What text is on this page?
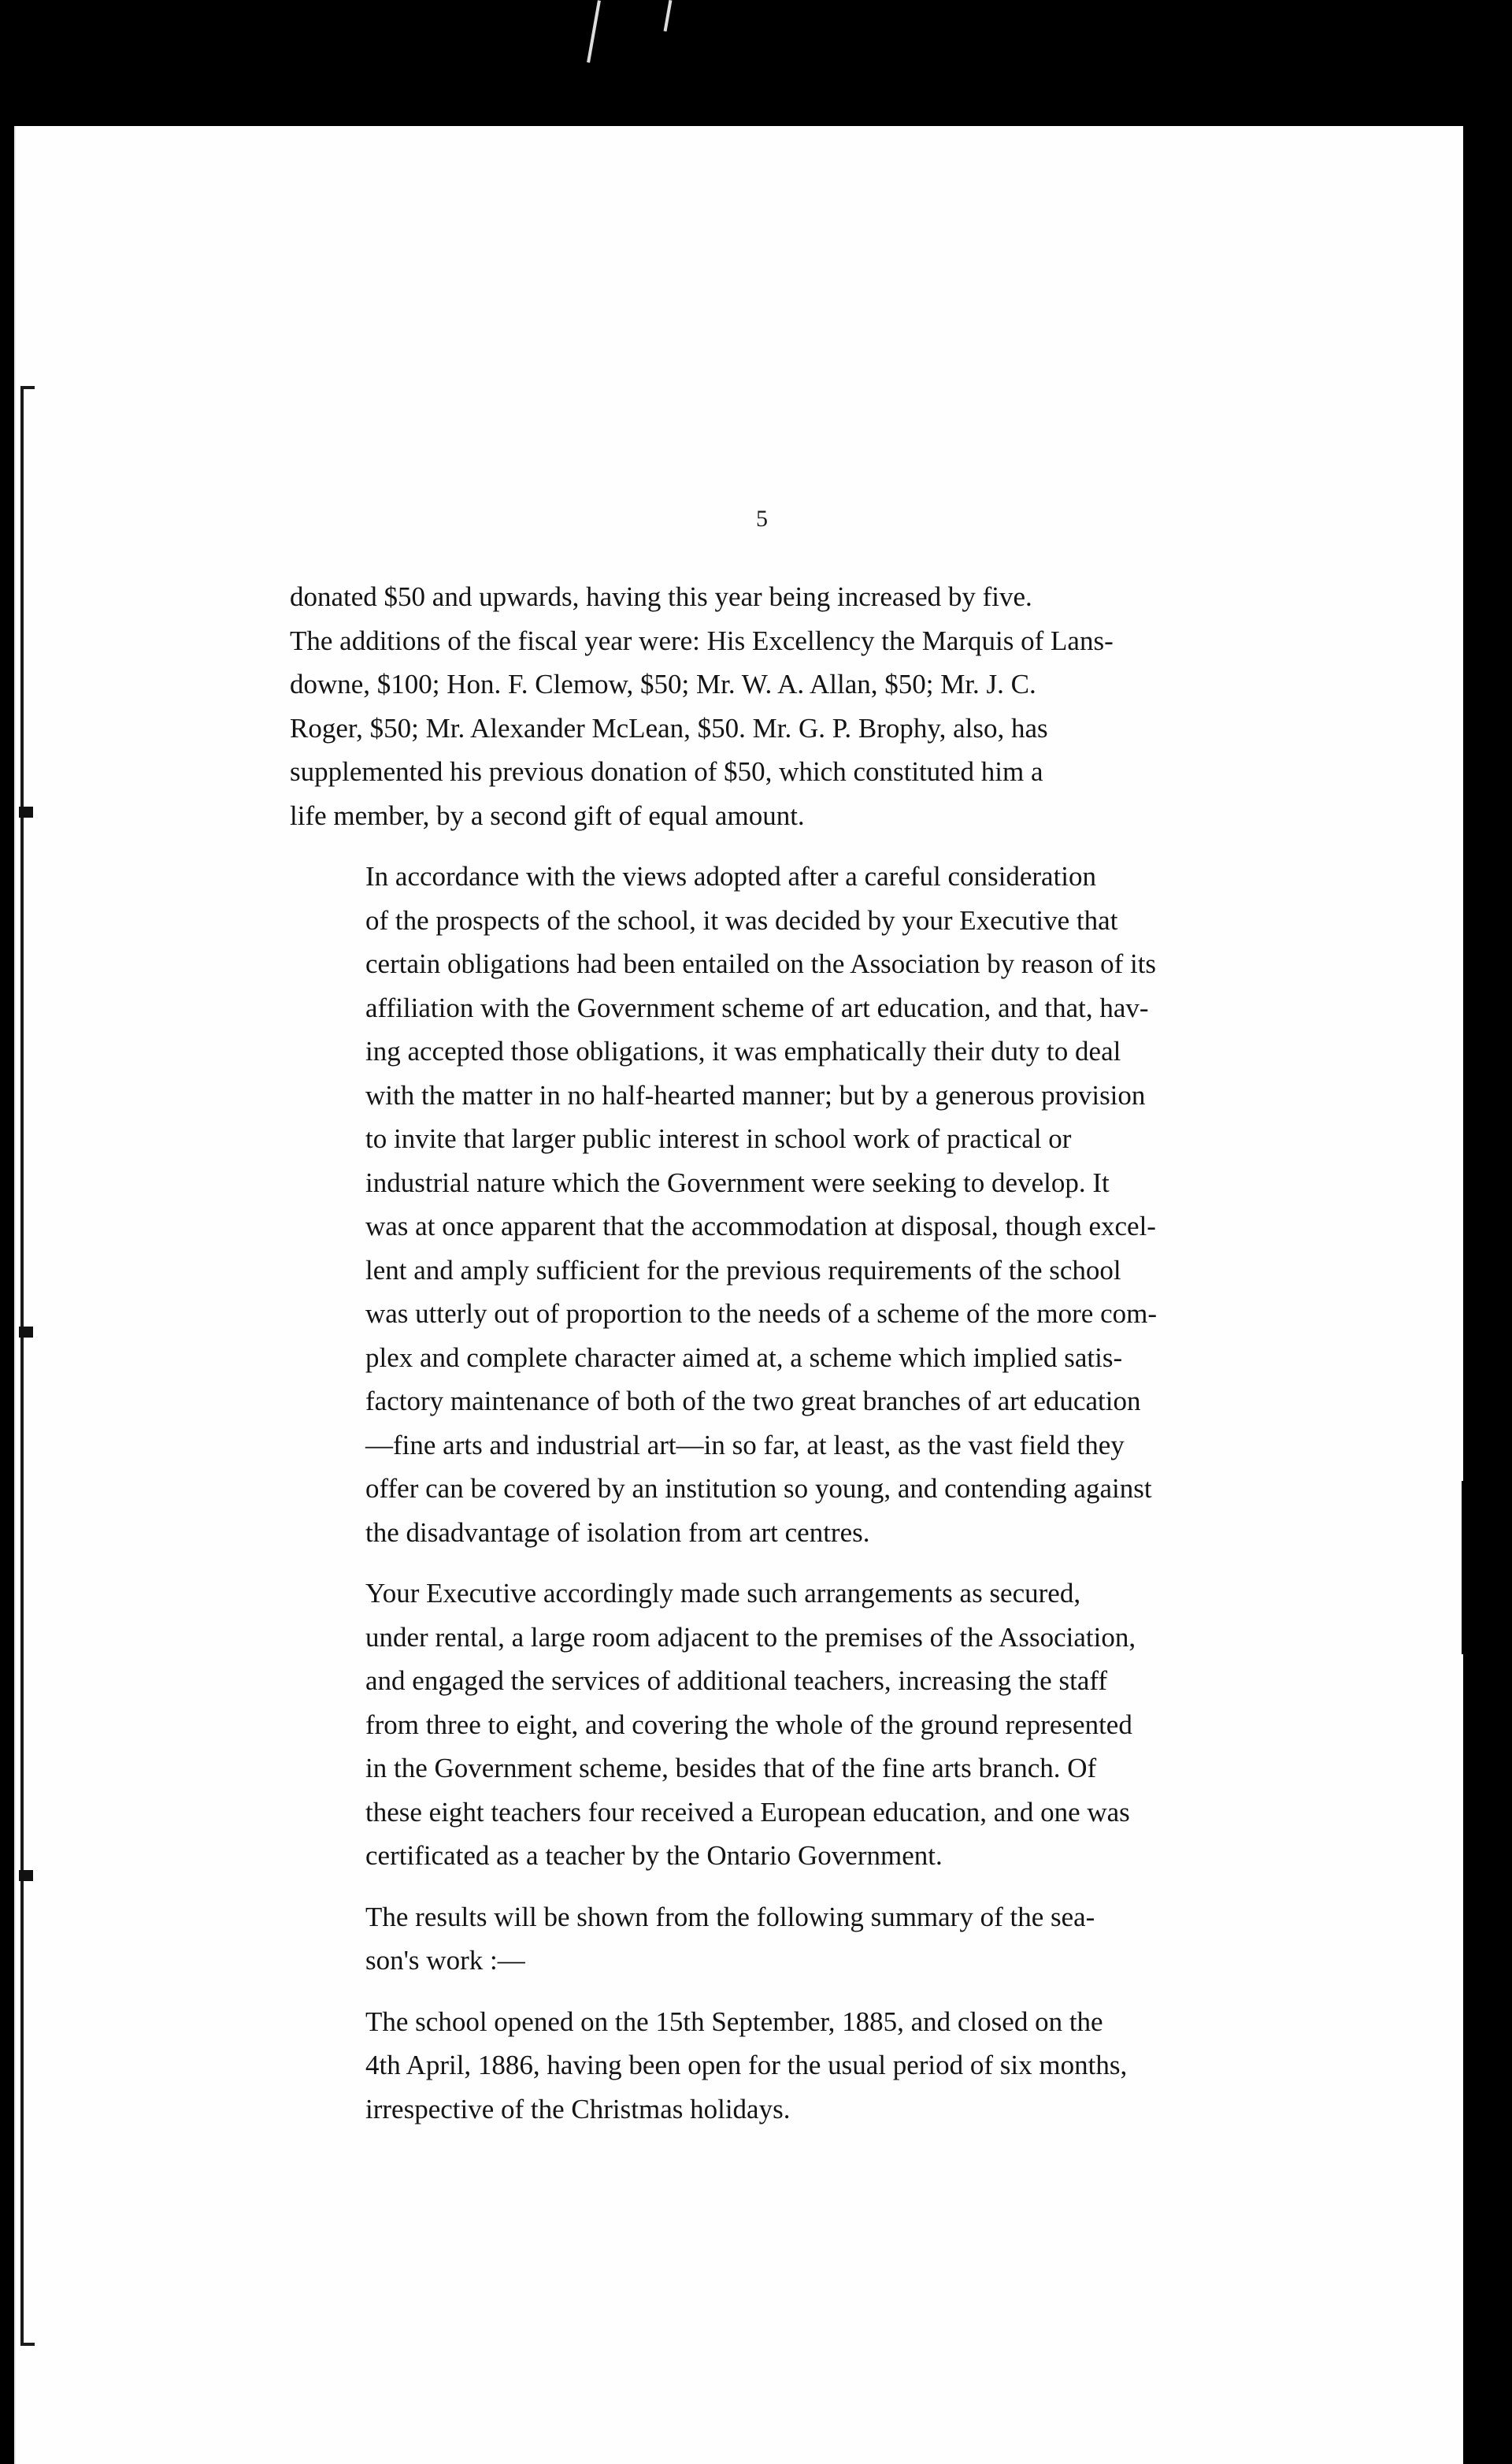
5

donated $50 and upwards, having this year being increased by five.
The additions of the fiscal year were: His Excellency the Marquis of Lans-
downe, $100; Hon. F. Clemow, $50; Mr. W. A. Allan, $50; Mr. J. C.
Roger, $50; Mr. Alexander McLean, $50. Mr. G. P. Brophy, also, has
supplemented his previous donation of $50, which constituted him a
life member, by a second gift of equal amount.

In accordance with the views adopted after a careful consideration
of the prospects of the school, it was decided by your Executive that
certain obligations had been entailed on the Association by reason of its
affiliation with the Government scheme of art education, and that, hav-
ing accepted those obligations, it was emphatically their duty to deal
with the matter in no half-hearted manner; but by a generous provision
to invite that larger public interest in school work of practical or
industrial nature which the Government were seeking to develop. It
was at once apparent that the accommodation at disposal, though excel-
lent and amply sufficient for the previous requirements of the school
was utterly out of proportion to the needs of a scheme of the more com-
plex and complete character aimed at, a scheme which implied satis-
factory maintenance of both of the two great branches of art education
—fine arts and industrial art—in so far, at least, as the vast field they
offer can be covered by an institution so young, and contending against
the disadvantage of isolation from art centres.

Your Executive accordingly made such arrangements as secured,
under rental, a large room adjacent to the premises of the Association,
and engaged the services of additional teachers, increasing the staff
from three to eight, and covering the whole of the ground represented
in the Government scheme, besides that of the fine arts branch. Of
these eight teachers four received a European education, and one was
certificated as a teacher by the Ontario Government.

The results will be shown from the following summary of the sea-
son's work :—

The school opened on the 15th September, 1885, and closed on the
4th April, 1886, having been open for the usual period of six months,
irrespective of the Christmas holidays.
